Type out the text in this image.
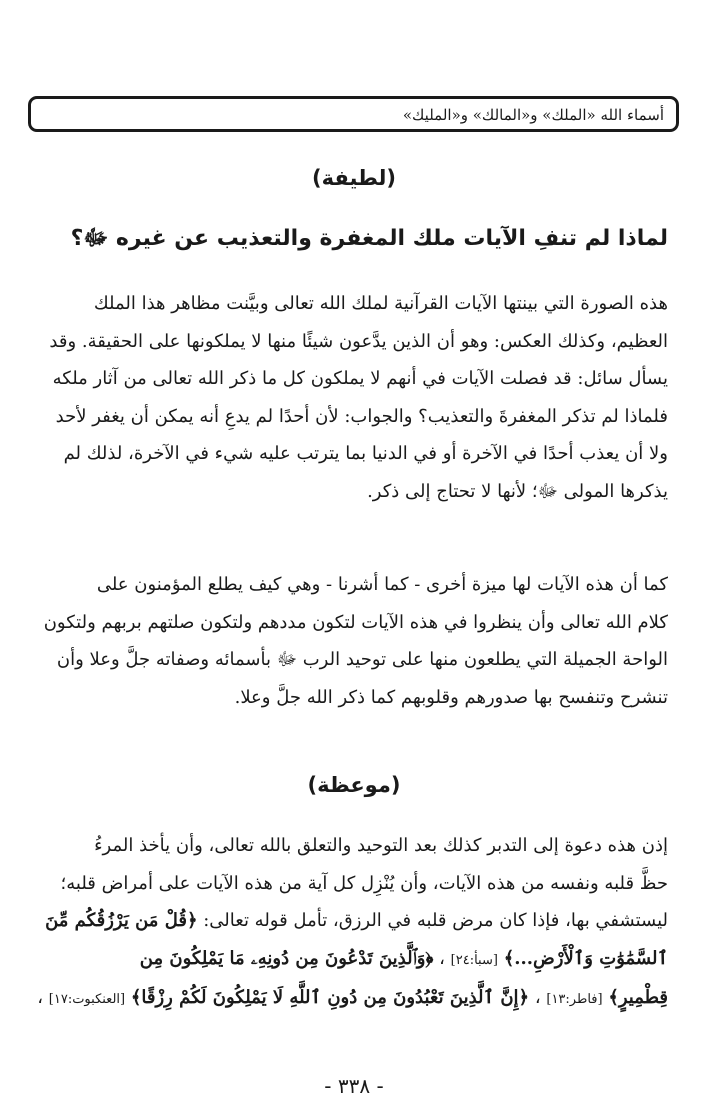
أسماء الله «الملك» و«المالك» و«المليك»
(لطيفة)
لماذا لم تنفِ الآيات ملك المغفرة والتعذيب عن غيره ﷻ؟
هذه الصورة التي بينتها الآيات القرآنية لملك الله تعالى وبيَّنت مظاهر هذا الملك
العظيم، وكذلك العكس: وهو أن الذين يدَّعون شيئًا منها لا يملكونها على الحقيقة. وقد
يسأل سائل: قد فصلت الآيات في أنهم لا يملكون كل ما ذكر الله تعالى من آثار ملكه
فلماذا لم تذكر المغفرةَ والتعذيب؟ والجواب: لأن أحدًا لم يدعِ أنه يمكن أن يغفر لأحد
ولا أن يعذب أحدًا في الآخرة أو في الدنيا بما يترتب عليه شيء في الآخرة، لذلك لم
يذكرها المولى ﷻ؛ لأنها لا تحتاج إلى ذكر.
كما أن هذه الآيات لها ميزة أخرى - كما أشرنا - وهي كيف يطلع المؤمنون على
كلام الله تعالى وأن ينظروا في هذه الآيات لتكون مددهم ولتكون صلتهم بربهم ولتكون
الواحة الجميلة التي يطلعون منها على توحيد الرب ﷻ بأسمائه وصفاته جلَّ وعلا وأن
تنشرح وتنفسح بها صدورهم وقلوبهم كما ذكر الله جلَّ وعلا.
(موعظة)
إذن هذه دعوة إلى التدبر كذلك بعد التوحيد والتعلق بالله تعالى، وأن يأخذ المرءُ
حظَّ قلبه ونفسه من هذه الآيات، وأن يُنْزِل كل آية من هذه الآيات على أمراض قلبه؛
ليستشفي بها، فإذا كان مرض قلبه في الرزق، تأمل قوله تعالى: ﴿قُلْ مَن يَرْزُقُكُم مِّنَ
ٱلسَّمَٰوَٰتِ وَٱلْأَرْضِ...﴾ [سبأ:٢٤] ، ﴿وَٱلَّذِينَ تَدْعُونَ مِن دُونِهِۦ مَا يَمْلِكُونَ مِن
قِطْمِيرٍ﴾ [فاطر:١٣] ، ﴿إِنَّ ٱلَّذِينَ تَعْبُدُونَ مِن دُونِ ٱللَّهِ لَا يَمْلِكُونَ لَكُمْ رِزْقًا﴾ [العنكبوت:١٧] ،
- ٣٣٨ -
